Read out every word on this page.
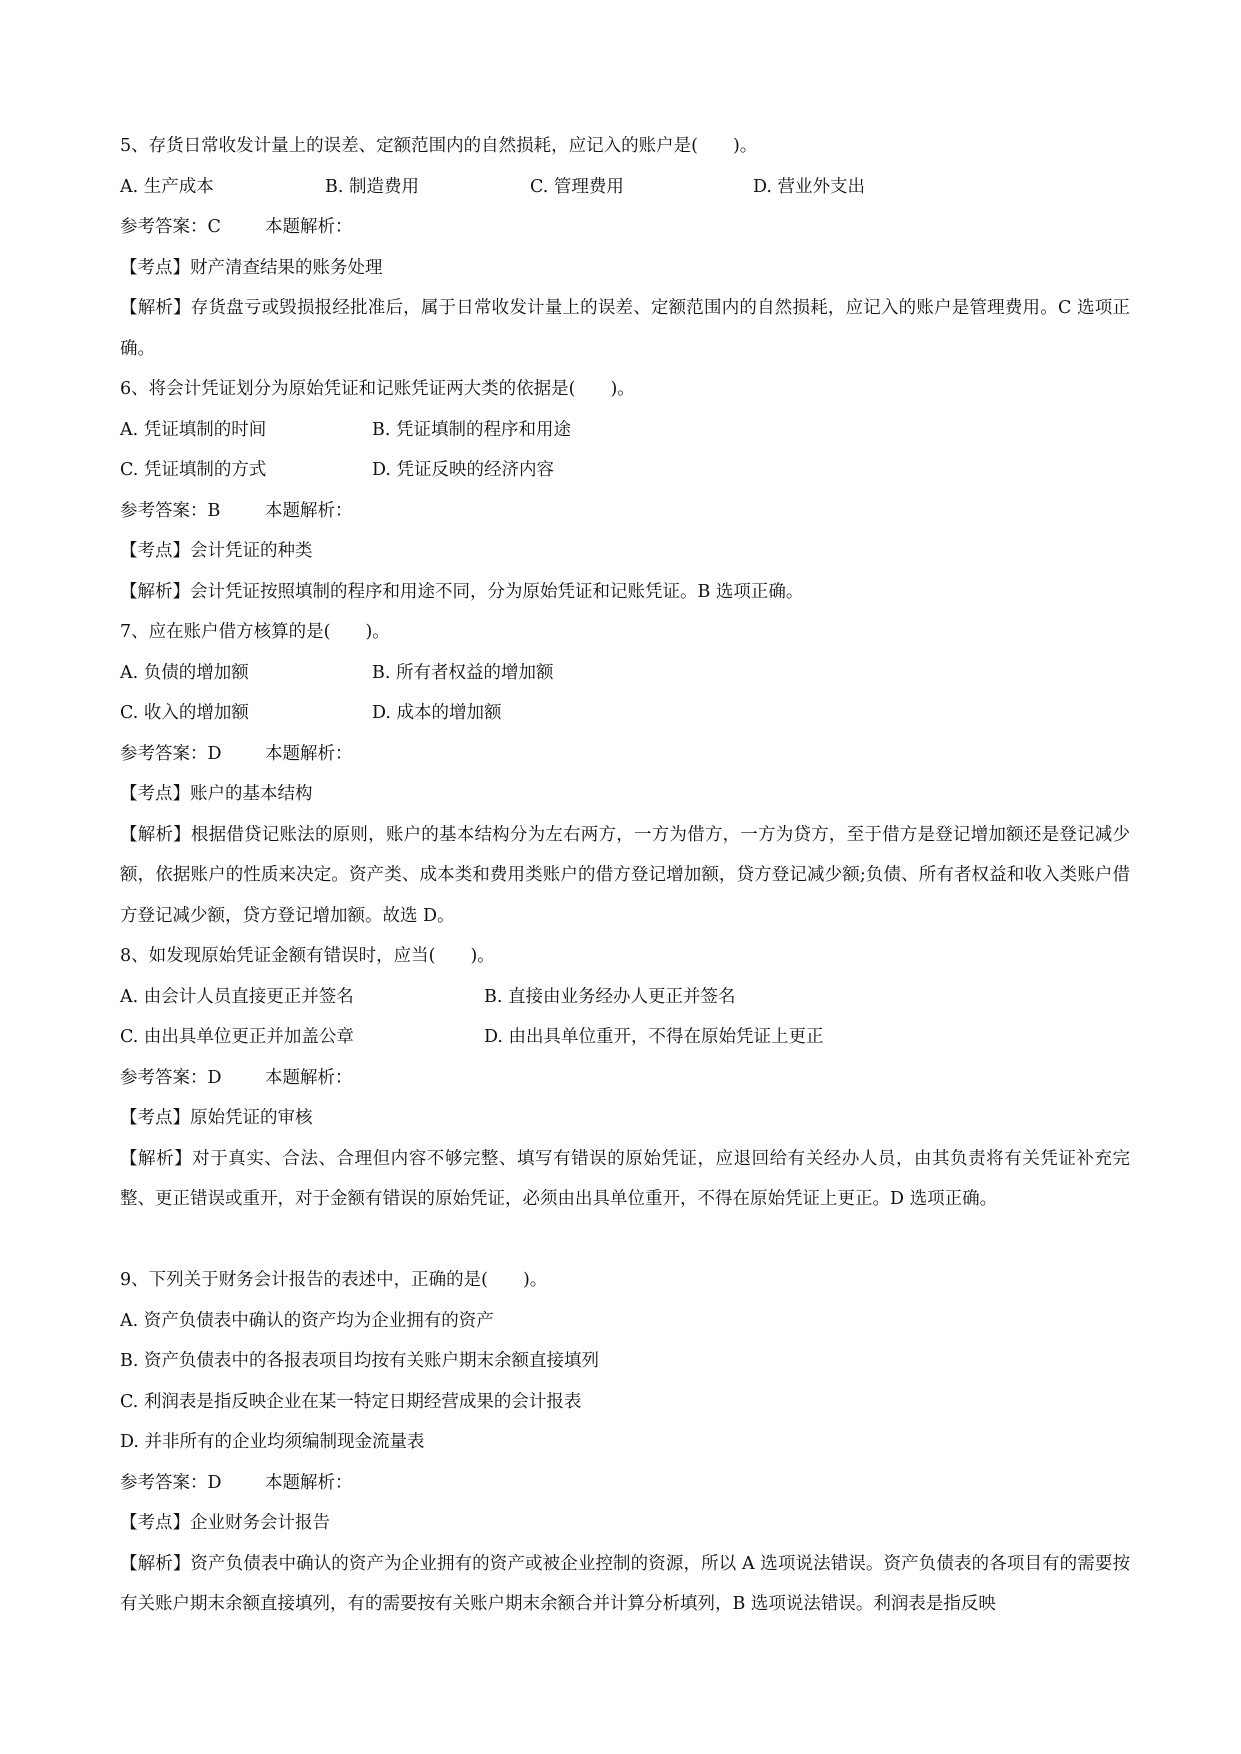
5、存货日常收发计量上的误差、定额范围内的自然损耗，应记入的账户是(　　)。
A. 生产成本	B. 制造费用	C. 管理费用	D. 营业外支出
参考答案：C	本题解析：
【考点】财产清查结果的账务处理
【解析】存货盘亏或毁损报经批准后，属于日常收发计量上的误差、定额范围内的自然损耗，应记入的账户是管理费用。C 选项正确。
6、将会计凭证划分为原始凭证和记账凭证两大类的依据是(　　)。
A. 凭证填制的时间	B. 凭证填制的程序和用途
C. 凭证填制的方式	D. 凭证反映的经济内容
参考答案：B	本题解析：
【考点】会计凭证的种类
【解析】会计凭证按照填制的程序和用途不同，分为原始凭证和记账凭证。B 选项正确。
7、应在账户借方核算的是(　　)。
A. 负债的增加额	B. 所有者权益的增加额
C. 收入的增加额	D. 成本的增加额
参考答案：D 本题解析：
【考点】账户的基本结构
【解析】根据借贷记账法的原则，账户的基本结构分为左右两方，一方为借方，一方为贷方，至于借方是登记增加额还是登记减少额，依据账户的性质来决定。资产类、成本类和费用类账户的借方登记增加额，贷方登记减少额;负债、所有者权益和收入类账户借方登记减少额，贷方登记增加额。故选 D。
8、如发现原始凭证金额有错误时，应当(　　)。
A. 由会计人员直接更正并签名	B. 直接由业务经办人更正并签名
C. 由出具单位更正并加盖公章	D. 由出具单位重开，不得在原始凭证上更正
参考答案：D 本题解析：
【考点】原始凭证的审核
【解析】对于真实、合法、合理但内容不够完整、填写有错误的原始凭证，应退回给有关经办人员，由其负责将有关凭证补充完整、更正错误或重开，对于金额有错误的原始凭证，必须由出具单位重开，不得在原始凭证上更正。D 选项正确。
9、下列关于财务会计报告的表述中，正确的是(　　)。
A. 资产负债表中确认的资产均为企业拥有的资产
B. 资产负债表中的各报表项目均按有关账户期末余额直接填列
C. 利润表是指反映企业在某一特定日期经营成果的会计报表
D. 并非所有的企业均须编制现金流量表
参考答案：D 本题解析：
【考点】企业财务会计报告
【解析】资产负债表中确认的资产为企业拥有的资产或被企业控制的资源，所以 A 选项说法错误。资产负债表的各项目有的需要按有关账户期末余额直接填列，有的需要按有关账户期末余额合并计算分析填列，B 选项说法错误。利润表是指反映
